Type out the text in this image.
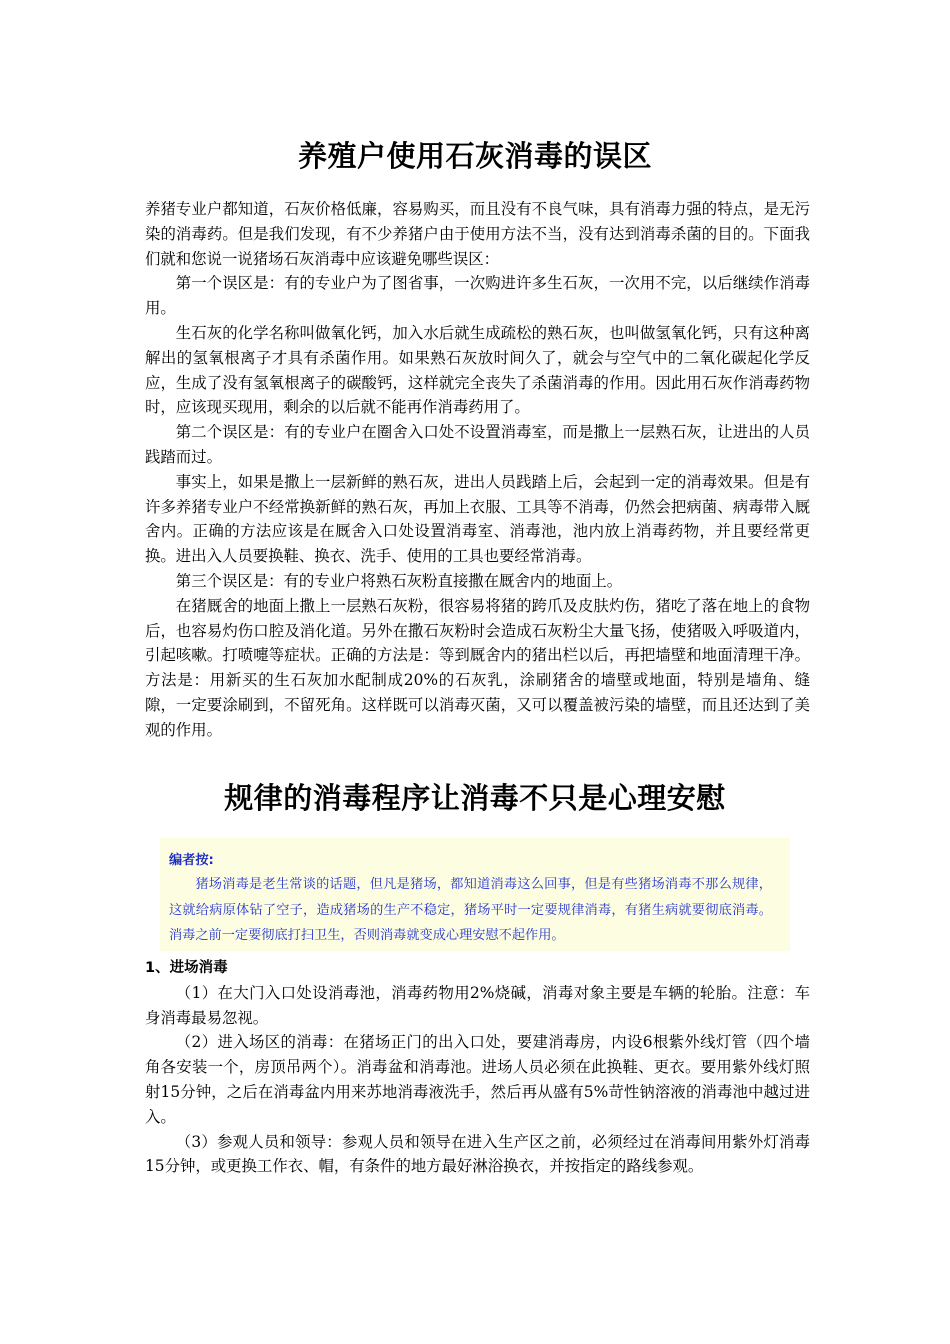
养殖户使用石灰消毒的误区

养猪专业户都知道，石灰价格低廉，容易购买，而且没有不良气味，具有消毒力强的特点，是无污染的消毒药。但是我们发现，有不少养猪户由于使用方法不当，没有达到消毒杀菌的目的。下面我们就和您说一说猪场石灰消毒中应该避免哪些误区：

第一个误区是：有的专业户为了图省事，一次购进许多生石灰，一次用不完，以后继续作消毒用。

生石灰的化学名称叫做氧化钙，加入水后就生成疏松的熟石灰，也叫做氢氧化钙，只有这种离解出的氢氧根离子才具有杀菌作用。如果熟石灰放时间久了，就会与空气中的二氧化碳起化学反应，生成了没有氢氧根离子的碳酸钙，这样就完全丧失了杀菌消毒的作用。因此用石灰作消毒药物时，应该现买现用，剩余的以后就不能再作消毒药用了。

第二个误区是：有的专业户在圈舍入口处不设置消毒室，而是撒上一层熟石灰，让进出的人员践踏而过。

事实上，如果是撒上一层新鲜的熟石灰，进出人员践踏上后，会起到一定的消毒效果。但是有许多养猪专业户不经常换新鲜的熟石灰，再加上衣服、工具等不消毒，仍然会把病菌、病毒带入厩舍内。正确的方法应该是在厩舍入口处设置消毒室、消毒池，池内放上消毒药物，并且要经常更换。进出入人员要换鞋、换衣、洗手、使用的工具也要经常消毒。

第三个误区是：有的专业户将熟石灰粉直接撒在厩舍内的地面上。

在猪厩舍的地面上撒上一层熟石灰粉，很容易将猪的跨爪及皮肤灼伤，猪吃了落在地上的食物后，也容易灼伤口腔及消化道。另外在撒石灰粉时会造成石灰粉尘大量飞扬，使猪吸入呼吸道内，引起咳嗽。打喷嚏等症状。正确的方法是：等到厩舍内的猪出栏以后，再把墙壁和地面清理干净。方法是：用新买的生石灰加水配制成20%的石灰乳，涂刷猪舍的墙壁或地面，特别是墙角、缝隙，一定要涂刷到，不留死角。这样既可以消毒灭菌，又可以覆盖被污染的墙壁，而且还达到了美观的作用。

规律的消毒程序让消毒不只是心理安慰

编者按:

猪场消毒是老生常谈的话题，但凡是猪场，都知道消毒这么回事，但是有些猪场消毒不那么规律，这就给病原体钻了空子，造成猪场的生产不稳定，猪场平时一定要规律消毒，有猪生病就要彻底消毒。消毒之前一定要彻底打扫卫生，否则消毒就变成心理安慰不起作用。

1、进场消毒

（1）在大门入口处设消毒池，消毒药物用2%烧碱，消毒对象主要是车辆的轮胎。注意：车身消毒最易忽视。

（2）进入场区的消毒：在猪场正门的出入口处，要建消毒房，内设6根紫外线灯管（四个墙角各安装一个，房顶吊两个）。消毒盆和消毒池。进场人员必须在此换鞋、更衣。要用紫外线灯照射15分钟，之后在消毒盆内用来苏地消毒液洗手，然后再从盛有5%苛性钠溶液的消毒池中越过进入。

（3）参观人员和领导：参观人员和领导在进入生产区之前，必须经过在消毒间用紫外灯消毒15分钟，或更换工作衣、帽，有条件的地方最好淋浴换衣，并按指定的路线参观。
